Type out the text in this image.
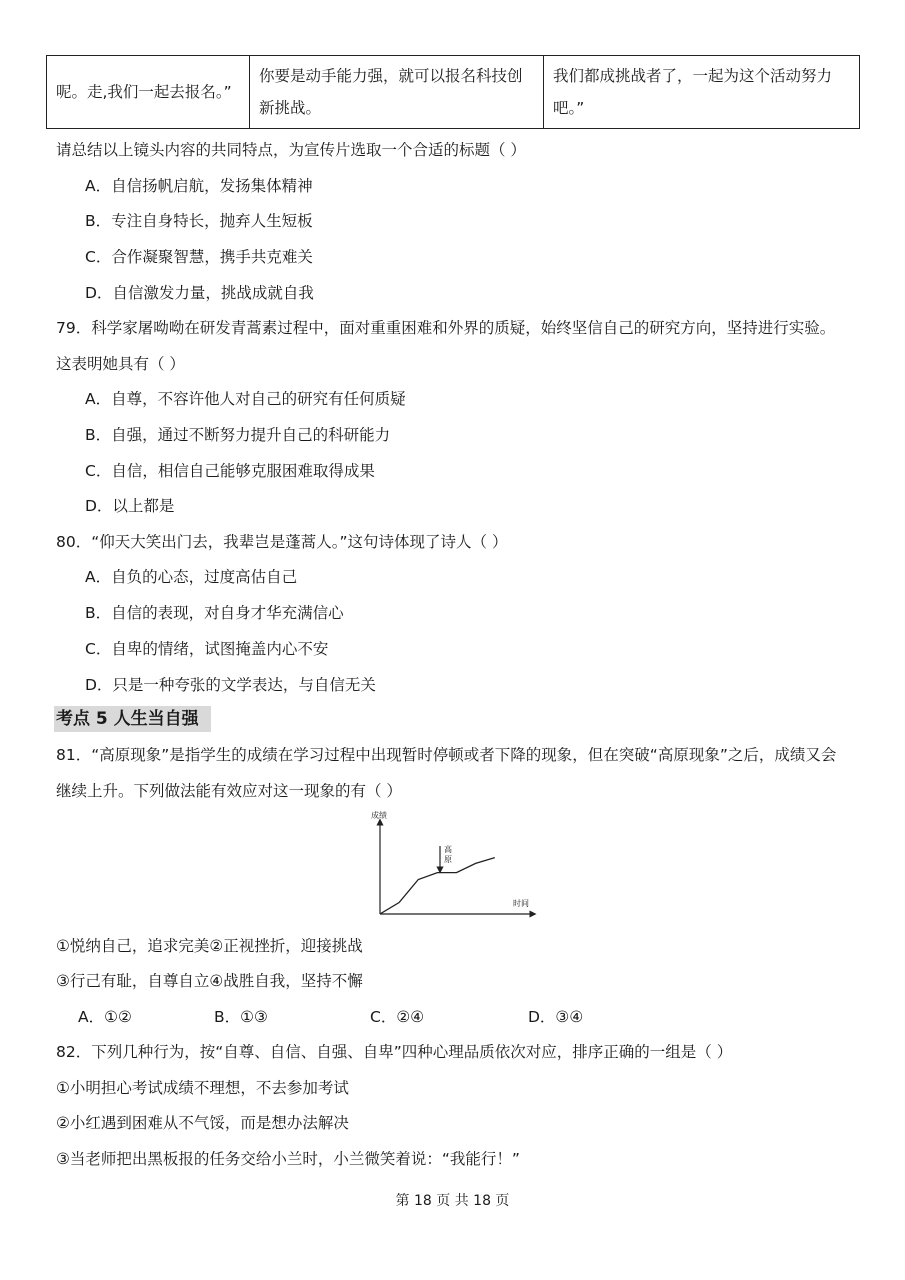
呢。走,我们一起去报名。”	你要是动手能力强，就可以报名科技创新挑战。	我们都成挑战者了，一起为这个活动努力吧。”
请总结以上镜头内容的共同特点，为宣传片选取一个合适的标题（ ）
A．自信扬帆启航，发扬集体精神
B．专注自身特长，抛弃人生短板
C．合作凝聚智慧，携手共克难关
D．自信激发力量，挑战成就自我
79．科学家屠呦呦在研发青蒿素过程中，面对重重困难和外界的质疑，始终坚信自己的研究方向，坚持进行实验。
这表明她具有（ ）
A．自尊，不容许他人对自己的研究有任何质疑
B．自强，通过不断努力提升自己的科研能力
C．自信，相信自己能够克服困难取得成果
D．以上都是
80．“仰天大笑出门去，我辈岂是蓬蒿人。”这句诗体现了诗人（ ）
A．自负的心态，过度高估自己
B．自信的表现，对自身才华充满信心
C．自卑的情绪，试图掩盖内心不安
D．只是一种夸张的文学表达，与自信无关
考点 5 人生当自强
81．“高原现象”是指学生的成绩在学习过程中出现暂时停顿或者下降的现象，但在突破“高原现象”之后，成绩又会
继续上升。下列做法能有效应对这一现象的有（ ）
成绩
时间
高
原
①悦纳自己，追求完美②正视挫折，迎接挑战
③行己有耻，自尊自立④战胜自我，坚持不懈
A．①②	B．①③	C．②④	D．③④
82．下列几种行为，按“自尊、自信、自强、自卑”四种心理品质依次对应，排序正确的一组是（ ）
①小明担心考试成绩不理想，不去参加考试
②小红遇到困难从不气馁，而是想办法解决
③当老师把出黑板报的任务交给小兰时，小兰微笑着说：“我能行！”
第 18 页 共 18 页
